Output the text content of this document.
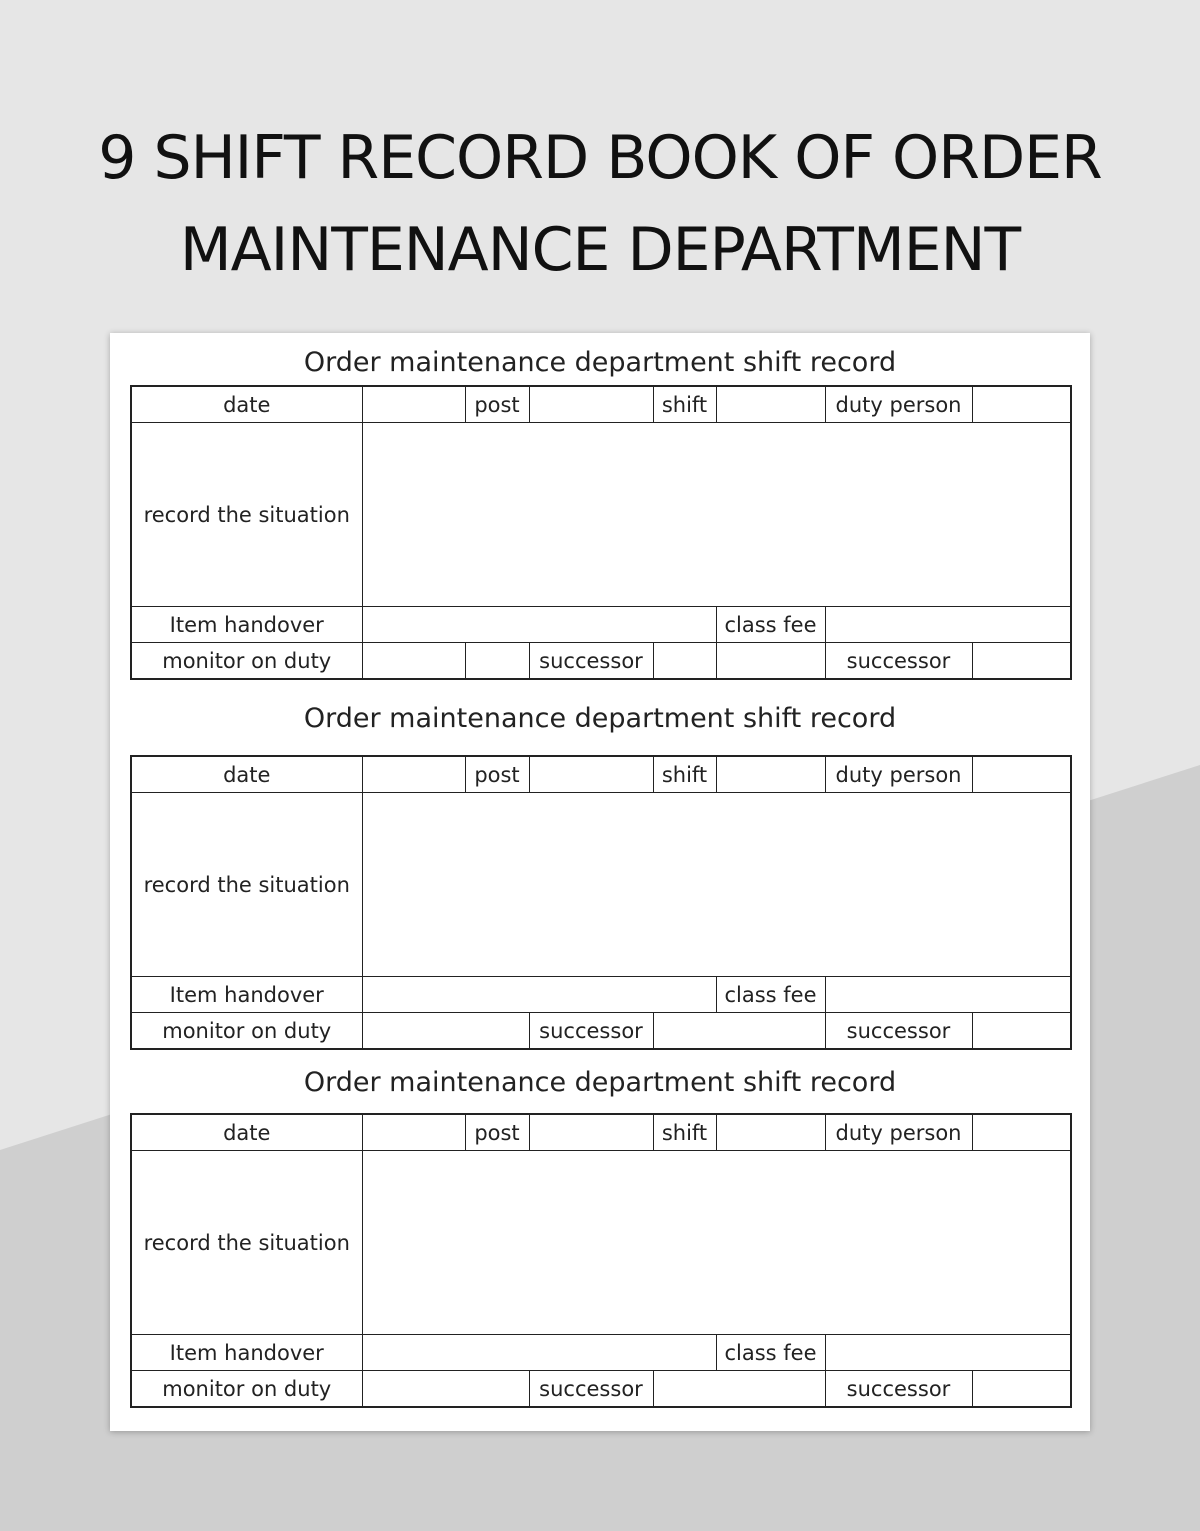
9 SHIFT RECORD BOOK OF ORDER
MAINTENANCE DEPARTMENT
Order maintenance department shift record
date		post		shift		duty person	
record the situation							
Item handover					class fee		
monitor on duty			successor			successor	
Order maintenance department shift record
date		post		shift		duty person	
record the situation							
Item handover					class fee		
monitor on duty			successor			successor	
Order maintenance department shift record
date		post		shift		duty person	
record the situation							
Item handover					class fee		
monitor on duty			successor			successor	
